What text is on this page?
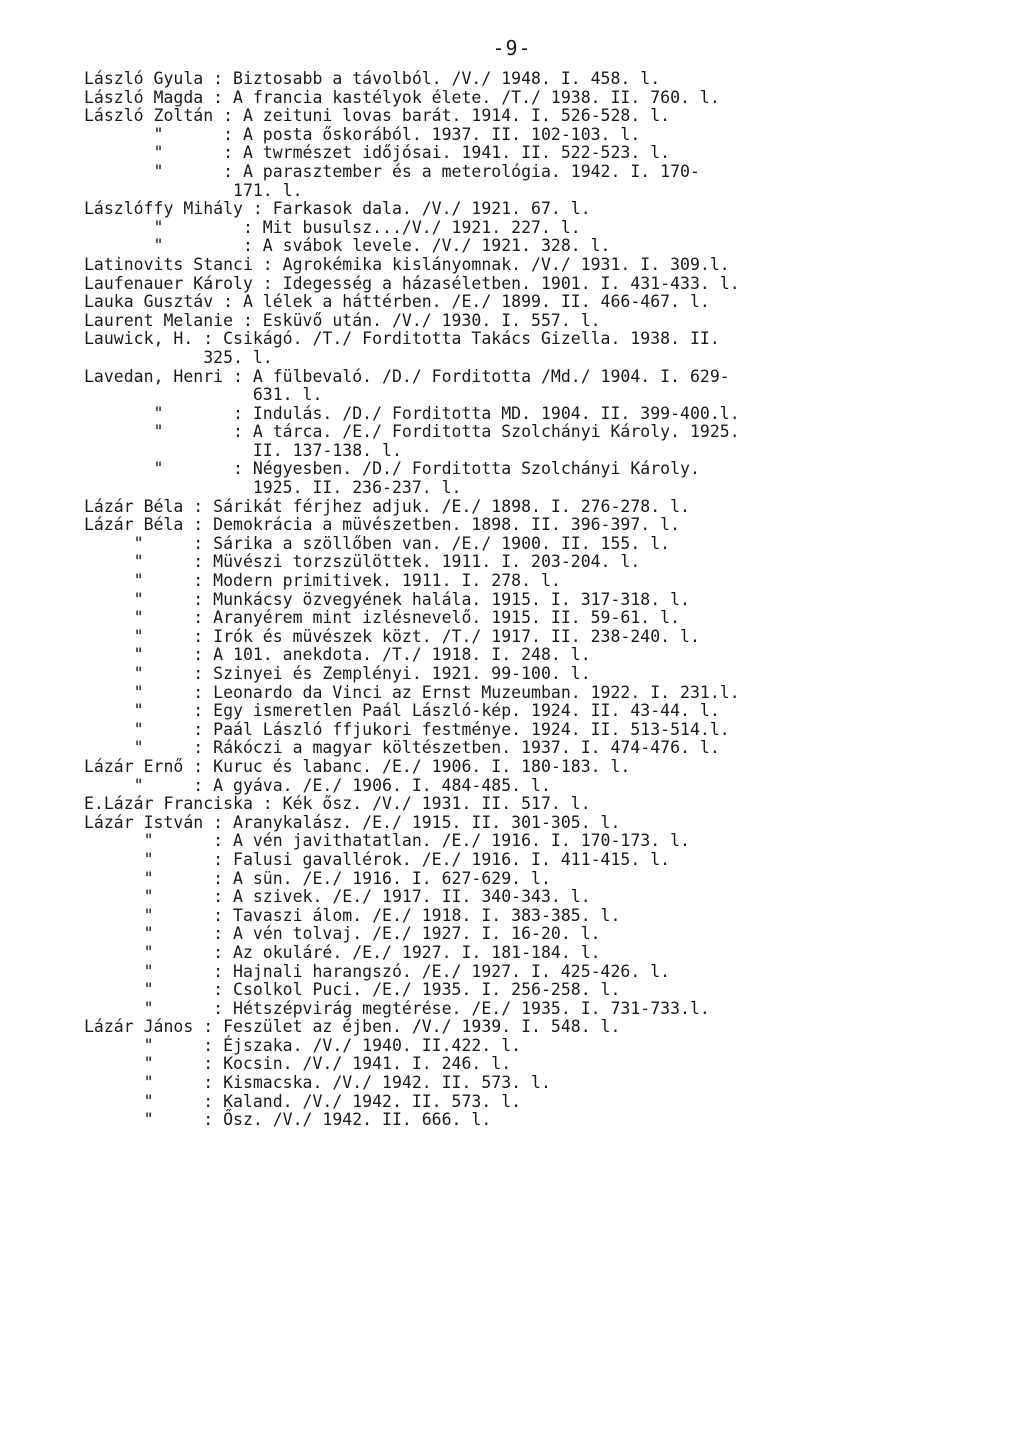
-9-
László Gyula : Biztosabb a távolból. /V./ 1948. I. 458. l.
László Magda : A francia kastélyok élete. /T./ 1938. II. 760. l.
László Zoltán : A zeituni lovas barát. 1914. I. 526-528. l.
"      : A posta őskorából. 1937. II. 102-103. l.
"      : A twrmészet időjósai. 1941. II. 522-523. l.
"      : A parasztember és a meterológia. 1942. I. 170-
171. l.
Lászlóffy Mihály : Farkasok dala. /V./ 1921. 67. l.
"        : Mit busulsz.../V./ 1921. 227. l.
"        : A svábok levele. /V./ 1921. 328. l.
Latinovits Stanci : Agrokémika kislányomnak. /V./ 1931. I. 309.l.
Laufenauer Károly : Idegesség a házaséletben. 1901. I. 431-433. l.
Lauka Gusztáv : A lélek a háttérben. /E./ 1899. II. 466-467. l.
Laurent Melanie : Esküvő után. /V./ 1930. I. 557. l.
Lauwick, H. : Csikágó. /T./ Forditotta Takács Gizella. 1938. II.
325. l.
Lavedan, Henri : A fülbevaló. /D./ Forditotta /Md./ 1904. I. 629-
631. l.
"       : Indulás. /D./ Forditotta MD. 1904. II. 399-400.l.
"       : A tárca. /E./ Forditotta Szolchányi Károly. 1925.
II. 137-138. l.
"       : Négyesben. /D./ Forditotta Szolchányi Károly.
1925. II. 236-237. l.
Lázár Béla : Sárikát férjhez adjuk. /E./ 1898. I. 276-278. l.
Lázár Béla : Demokrácia a müvészetben. 1898. II. 396-397. l.
"     : Sárika a szöllőben van. /E./ 1900. II. 155. l.
"     : Müvészi torzszülöttek. 1911. I. 203-204. l.
"     : Modern primitivek. 1911. I. 278. l.
"     : Munkácsy özvegyének halála. 1915. I. 317-318. l.
"     : Aranyérem mint izlésnevelő. 1915. II. 59-61. l.
"     : Irók és müvészek közt. /T./ 1917. II. 238-240. l.
"     : A 101. anekdota. /T./ 1918. I. 248. l.
"     : Szinyei és Zemplényi. 1921. 99-100. l.
"     : Leonardo da Vinci az Ernst Muzeumban. 1922. I. 231.l.
"     : Egy ismeretlen Paál László-kép. 1924. II. 43-44. l.
"     : Paál László ffjukori festménye. 1924. II. 513-514.l.
"     : Rákóczi a magyar költészetben. 1937. I. 474-476. l.
Lázár Ernő : Kuruc és labanc. /E./ 1906. I. 180-183. l.
"     : A gyáva. /E./ 1906. I. 484-485. l.
E.Lázár Franciska : Kék ősz. /V./ 1931. II. 517. l.
Lázár István : Aranykalász. /E./ 1915. II. 301-305. l.
"      : A vén javithatatlan. /E./ 1916. I. 170-173. l.
"      : Falusi gavallérok. /E./ 1916. I. 411-415. l.
"      : A sün. /E./ 1916. I. 627-629. l.
"      : A szivek. /E./ 1917. II. 340-343. l.
"      : Tavaszi álom. /E./ 1918. I. 383-385. l.
"      : A vén tolvaj. /E./ 1927. I. 16-20. l.
"      : Az okuláré. /E./ 1927. I. 181-184. l.
"      : Hajnali harangszó. /E./ 1927. I. 425-426. l.
"      : Csolkol Puci. /E./ 1935. I. 256-258. l.
"      : Hétszépvirág megtérése. /E./ 1935. I. 731-733.l.
Lázár János : Feszület az éjben. /V./ 1939. I. 548. l.
"     : Éjszaka. /V./ 1940. II.422. l.
"     : Kocsin. /V./ 1941. I. 246. l.
"     : Kismacska. /V./ 1942. II. 573. l.
"     : Kaland. /V./ 1942. II. 573. l.
"     : Ősz. /V./ 1942. II. 666. l.
